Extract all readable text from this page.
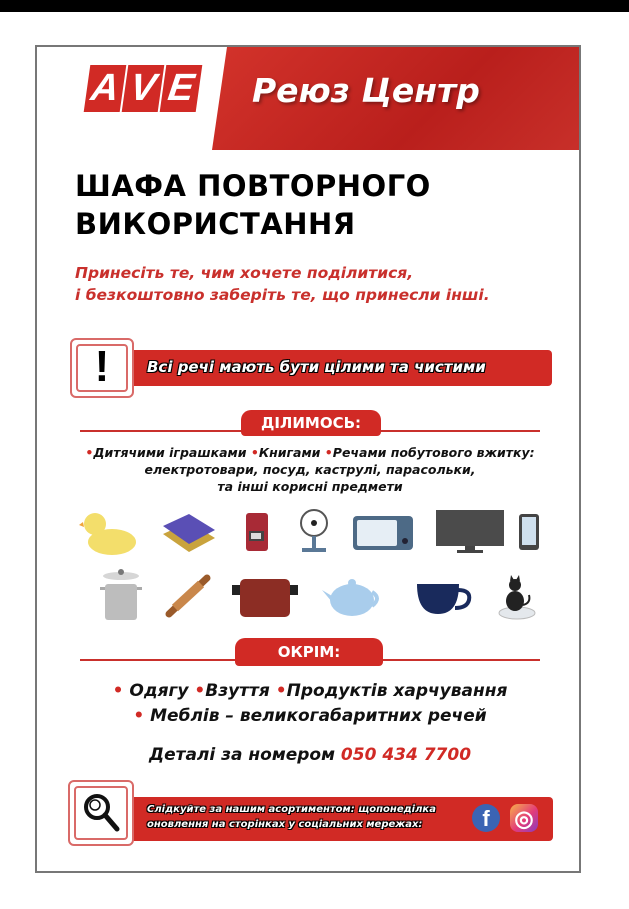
A V E Реюз Центр
ШАФА ПОВТОРНОГО
ВИКОРИСТАННЯ
Принесіть те, чим хочете поділитися,
і безкоштовно заберіть те, що принесли інші.
Всі речі мають бути цілими та чистими
!
ДІЛИМОСЬ:
•Дитячими іграшками •Книгами •Речами побутового вжитку:
електротовари, посуд, каструлі, парасольки,
та інші корисні предмети
ОКРІМ:
• Одягу •Взуття •Продуктів харчування
• Меблів – великогабаритних речей
Деталі за номером 050 434 7700
Слідкуйте за нашим асортиментом: щопонеділка
оновлення на сторінках у соціальних мережах:	f	◎
